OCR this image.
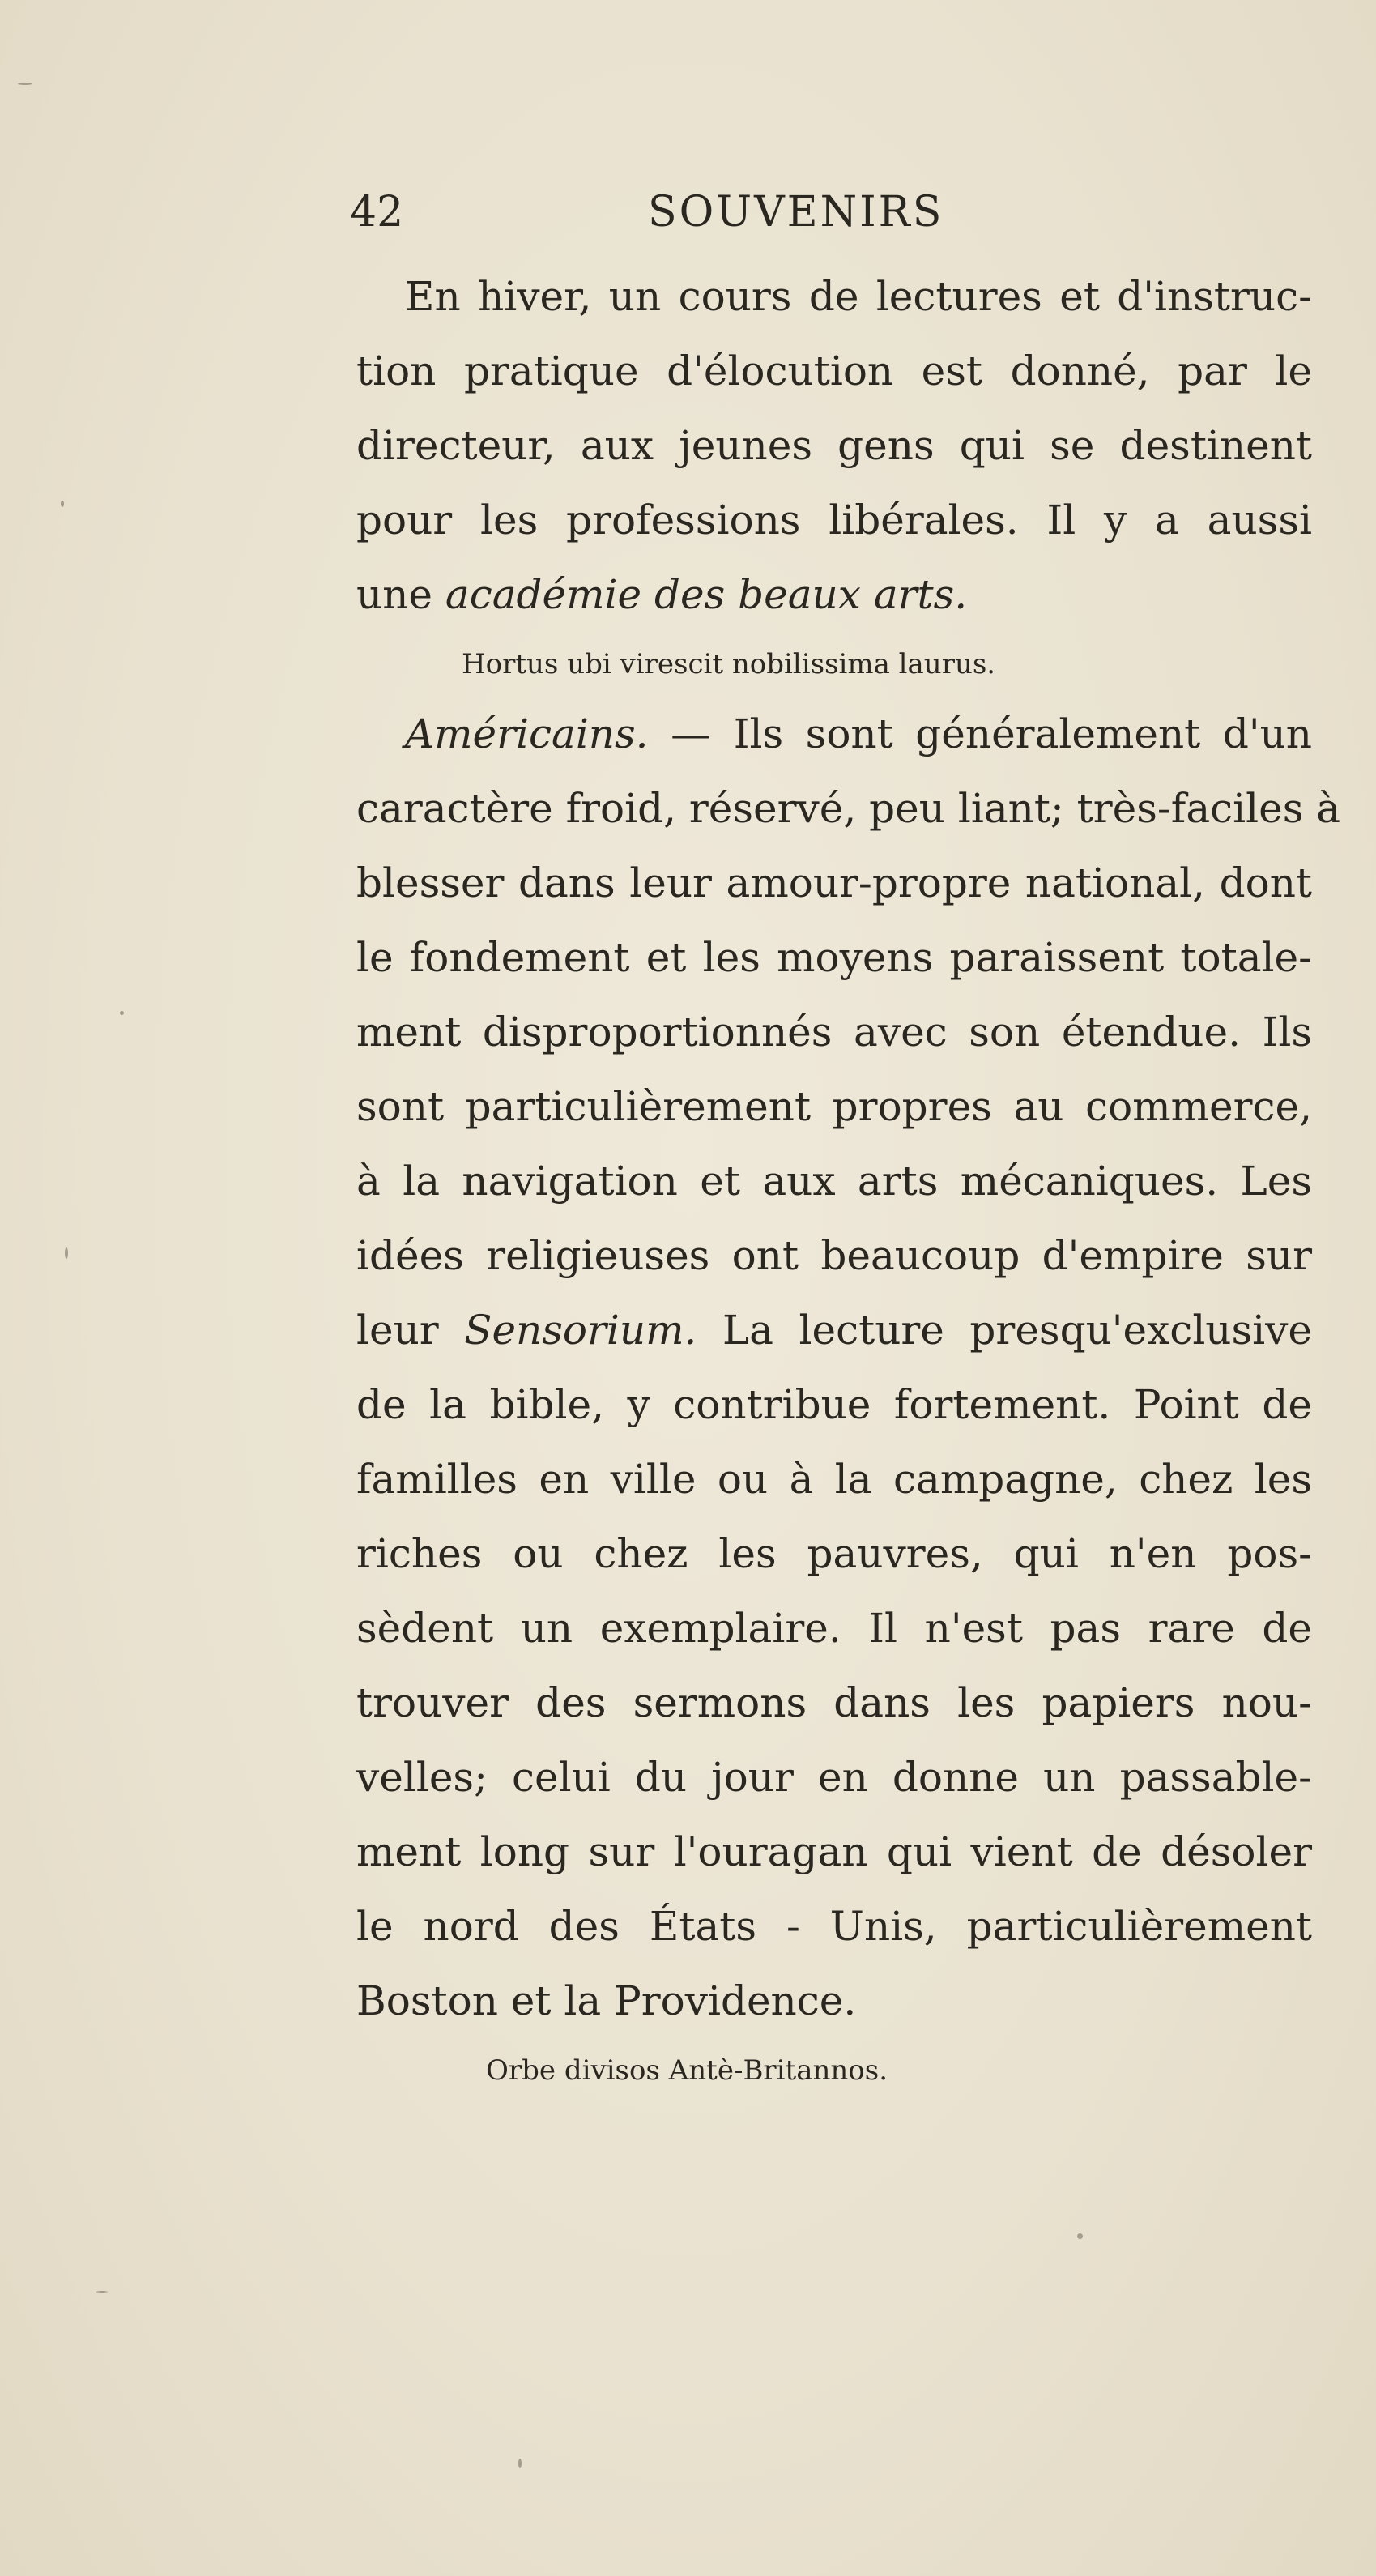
42	SOUVENIRS
En hiver, un cours de lectures et d'instruc-
tion pratique d'élocution est donné, par le
directeur, aux jeunes gens qui se destinent
pour les professions libérales. Il y a aussi
une académie des beaux arts.
Hortus ubi virescit nobilissima laurus.
Américains. — Ils sont généralement d'un
caractère froid, réservé, peu liant; très-faciles à
blesser dans leur amour-propre national, dont
le fondement et les moyens paraissent totale-
ment disproportionnés avec son étendue. Ils
sont particulièrement propres au commerce,
à la navigation et aux arts mécaniques. Les
idées religieuses ont beaucoup d'empire sur
leur Sensorium. La lecture presqu'exclusive
de la bible, y contribue fortement. Point de
familles en ville ou à la campagne, chez les
riches ou chez les pauvres, qui n'en pos-
sèdent un exemplaire. Il n'est pas rare de
trouver des sermons dans les papiers nou-
velles; celui du jour en donne un passable-
ment long sur l'ouragan qui vient de désoler
le nord des États - Unis, particulièrement
Boston et la Providence.
Orbe divisos Antè-Britannos.
